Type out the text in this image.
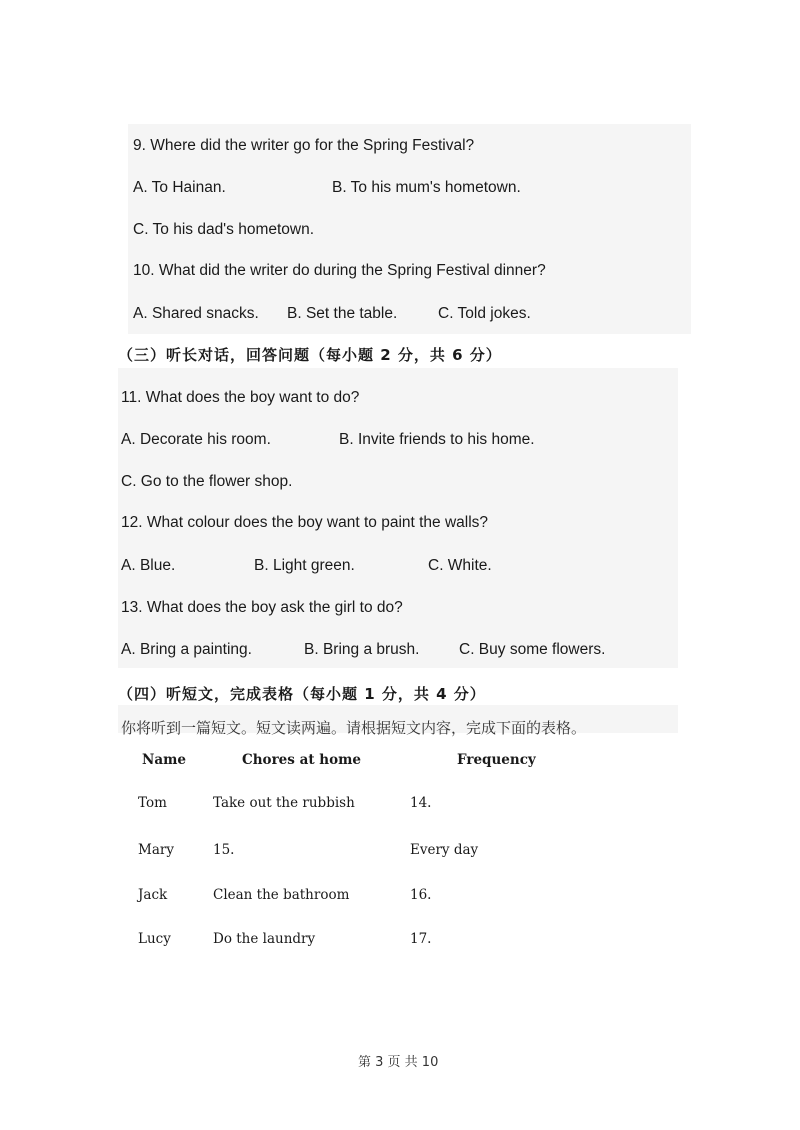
9. Where did the writer go for the Spring Festival?
A. To Hainan.	B. To his mum's hometown.
C. To his dad's hometown.
10. What did the writer do during the Spring Festival dinner?
A. Shared snacks. B. Set the table.	C. Told jokes.
（三）听长对话，回答问题（每小题 2 分，共 6 分）
11. What does the boy want to do?
A. Decorate his room.	B. Invite friends to his home.
C. Go to the flower shop.
12. What colour does the boy want to paint the walls?
A. Blue.	B. Light green.	C. White.
13. What does the boy ask the girl to do?
A. Bring a painting.	B. Bring a brush.	C. Buy some flowers.
（四）听短文，完成表格（每小题 1 分，共 4 分）
你将听到一篇短文。短文读两遍。请根据短文内容，完成下面的表格。
Name	Chores at home	Frequency
Tom	Take out the rubbish	14.
Mary	15.	Every day
Jack	Clean the bathroom	16.
Lucy	Do the laundry	17.
第 3 页 共 10
